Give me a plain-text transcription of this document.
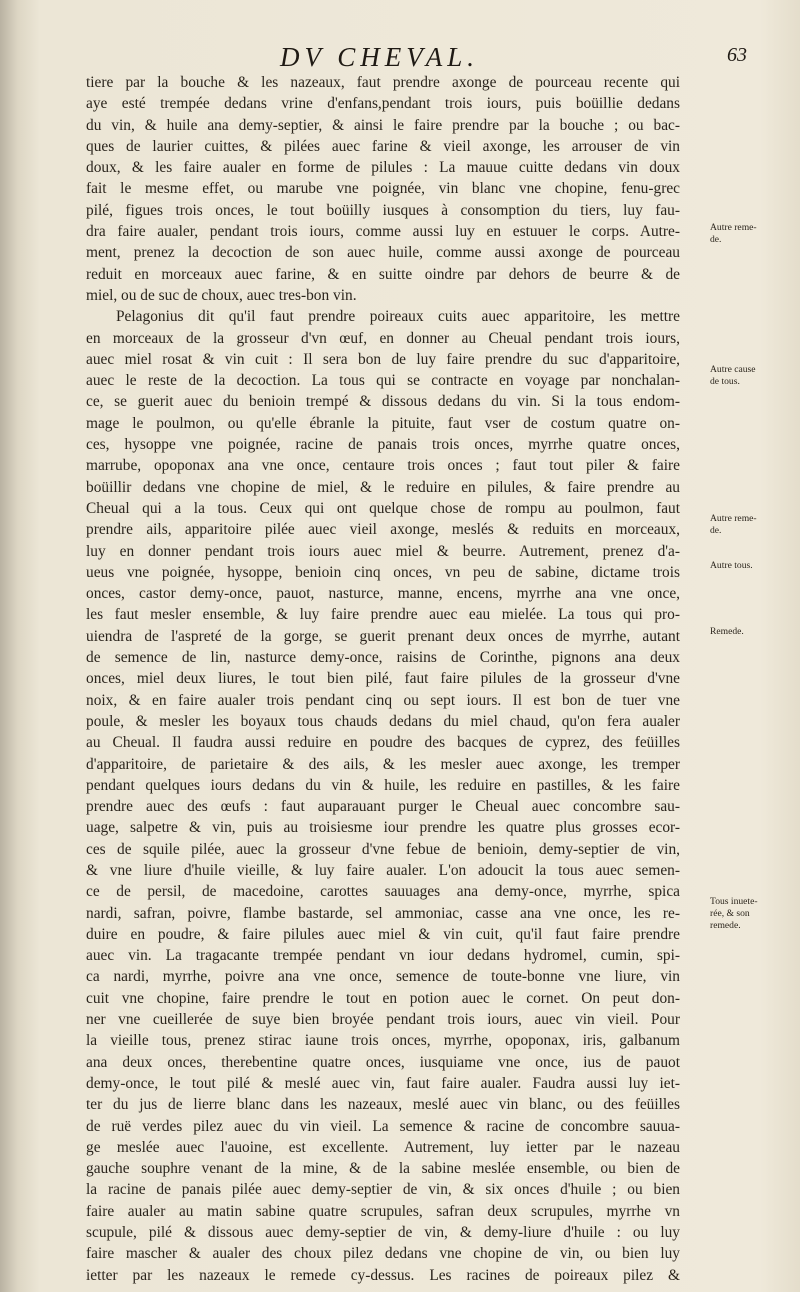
DV CHEVAL.	63
tiere par la bouche & les nazeaux, faut prendre axonge de pourceau recente qui
aye esté trempée dedans vrine d'enfans,pendant trois iours, puis boüillie dedans
du vin, & huile ana demy-septier, & ainsi le faire prendre par la bouche ; ou bac-
ques de laurier cuittes, & pilées auec farine & vieil axonge, les arrouser de vin
doux, & les faire aualer en forme de pilules : La mauue cuitte dedans vin doux
fait le mesme effet, ou marube vne poignée, vin blanc vne chopine, fenu-grec
pilé, figues trois onces, le tout boüilly iusques à consomption du tiers, luy fau-
dra faire aualer, pendant trois iours, comme aussi luy en estuuer le corps. Autre-
ment, prenez la decoction de son auec huile, comme aussi axonge de pourceau
reduit en morceaux auec farine, & en suitte oindre par dehors de beurre & de
miel, ou de suc de choux, auec tres-bon vin.
Pelagonius dit qu'il faut prendre poireaux cuits auec apparitoire, les mettre
en morceaux de la grosseur d'vn œuf, en donner au Cheual pendant trois iours,
auec miel rosat & vin cuit : Il sera bon de luy faire prendre du suc d'apparitoire,
auec le reste de la decoction. La tous qui se contracte en voyage par nonchalan-
ce, se guerit auec du benioin trempé & dissous dedans du vin. Si la tous endom-
mage le poulmon, ou qu'elle ébranle la pituite, faut vser de costum quatre on-
ces, hysoppe vne poignée, racine de panais trois onces, myrrhe quatre onces,
marrube, opoponax ana vne once, centaure trois onces ; faut tout piler & faire
boüillir dedans vne chopine de miel, & le reduire en pilules, & faire prendre au
Cheual qui a la tous. Ceux qui ont quelque chose de rompu au poulmon, faut
prendre ails, apparitoire pilée auec vieil axonge, meslés & reduits en morceaux,
luy en donner pendant trois iours auec miel & beurre. Autrement, prenez d'a-
ueus vne poignée, hysoppe, benioin cinq onces, vn peu de sabine, dictame trois
onces, castor demy-once, pauot, nasturce, manne, encens, myrrhe ana vne once,
les faut mesler ensemble, & luy faire prendre auec eau mielée. La tous qui pro-
uiendra de l'aspreté de la gorge, se guerit prenant deux onces de myrrhe, autant
de semence de lin, nasturce demy-once, raisins de Corinthe, pignons ana deux
onces, miel deux liures, le tout bien pilé, faut faire pilules de la grosseur d'vne
noix, & en faire aualer trois pendant cinq ou sept iours. Il est bon de tuer vne
poule, & mesler les boyaux tous chauds dedans du miel chaud, qu'on fera aualer
au Cheual. Il faudra aussi reduire en poudre des bacques de cyprez, des feüilles
d'apparitoire, de parietaire & des ails, & les mesler auec axonge, les tremper
pendant quelques iours dedans du vin & huile, les reduire en pastilles, & les faire
prendre auec des œufs : faut auparauant purger le Cheual auec concombre sau-
uage, salpetre & vin, puis au troisiesme iour prendre les quatre plus grosses ecor-
ces de squile pilée, auec la grosseur d'vne febue de benioin, demy-septier de vin,
& vne liure d'huile vieille, & luy faire aualer. L'on adoucit la tous auec semen-
ce de persil, de macedoine, carottes sauuages ana demy-once, myrrhe, spica
nardi, safran, poivre, flambe bastarde, sel ammoniac, casse ana vne once, les re-
duire en poudre, & faire pilules auec miel & vin cuit, qu'il faut faire prendre
auec vin. La tragacante trempée pendant vn iour dedans hydromel, cumin, spi-
ca nardi, myrrhe, poivre ana vne once, semence de toute-bonne vne liure, vin
cuit vne chopine, faire prendre le tout en potion auec le cornet. On peut don-
ner vne cueillerée de suye bien broyée pendant trois iours, auec vin vieil. Pour
la vieille tous, prenez stirac iaune trois onces, myrrhe, opoponax, iris, galbanum
ana deux onces, therebentine quatre onces, iusquiame vne once, ius de pauot
demy-once, le tout pilé & meslé auec vin, faut faire aualer. Faudra aussi luy iet-
ter du jus de lierre blanc dans les nazeaux, meslé auec vin blanc, ou des feüilles
de ruë verdes pilez auec du vin vieil. La semence & racine de concombre sauua-
ge meslée auec l'auoine, est excellente. Autrement, luy ietter par le nazeau
gauche souphre venant de la mine, & de la sabine meslée ensemble, ou bien de
la racine de panais pilée auec demy-septier de vin, & six onces d'huile ; ou bien
faire aualer au matin sabine quatre scrupules, safran deux scrupules, myrrhe vn
scupule, pilé & dissous auec demy-septier de vin, & demy-liure d'huile : ou luy
faire mascher & aualer des choux pilez dedans vne chopine de vin, ou bien luy
ietter par les nazeaux le remede cy-dessus. Les racines de poireaux pilez &
Autre reme-
de.
Autre cause
de tous.
Autre reme-
de.
Autre tous.
Remede.
Tous inuete-
rée, & son
remede.
